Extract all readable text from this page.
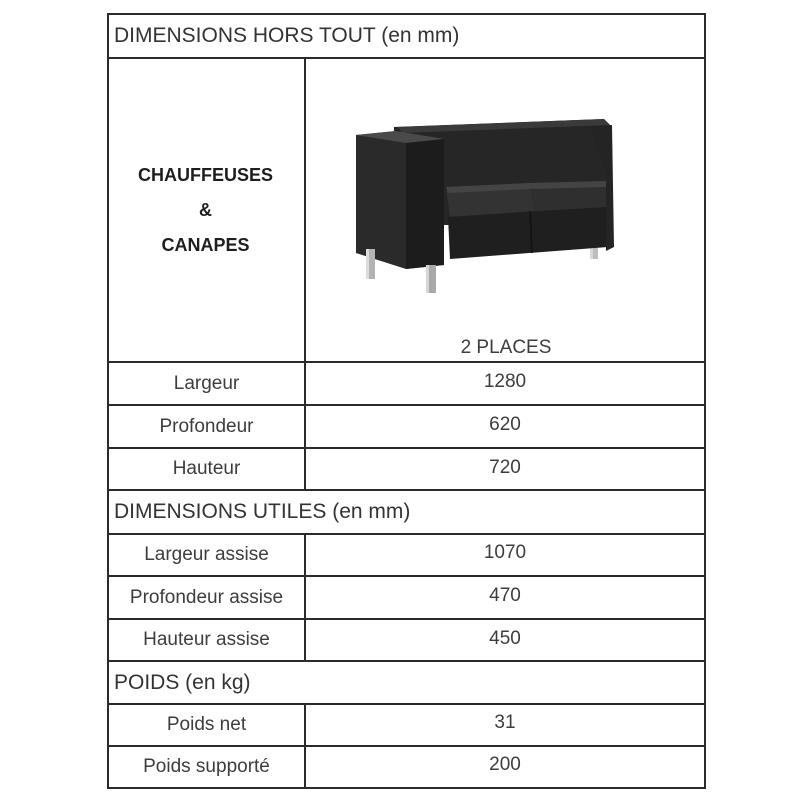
DIMENSIONS HORS TOUT (en mm)
CHAUFFEUSES
&
CANAPES
2 PLACES
Largeur	1280
Profondeur	620
Hauteur	720
DIMENSIONS UTILES (en mm)
Largeur assise	1070
Profondeur assise	470
Hauteur assise	450
POIDS (en kg)
Poids net	31
Poids supporté	200
